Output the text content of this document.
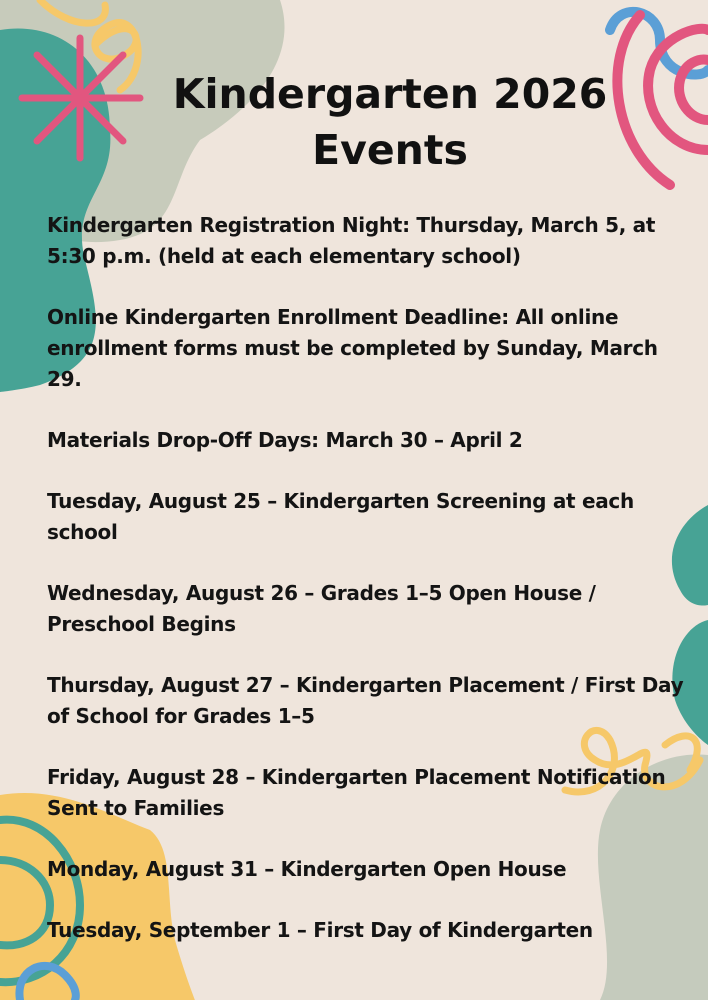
Kindergarten 2026
Events
Kindergarten Registration Night: Thursday, March 5, at 5:30 p.m. (held at each elementary school)
Online Kindergarten Enrollment Deadline: All online enrollment forms must be completed by Sunday, March 29.
Materials Drop-Off Days: March 30 – April 2
Tuesday, August 25 – Kindergarten Screening at each school
Wednesday, August 26 – Grades 1–5 Open House / Preschool Begins
Thursday, August 27 – Kindergarten Placement / First Day of School for Grades 1–5
Friday, August 28 – Kindergarten Placement Notification Sent to Families
Monday, August 31 – Kindergarten Open House
Tuesday, September 1 – First Day of Kindergarten
